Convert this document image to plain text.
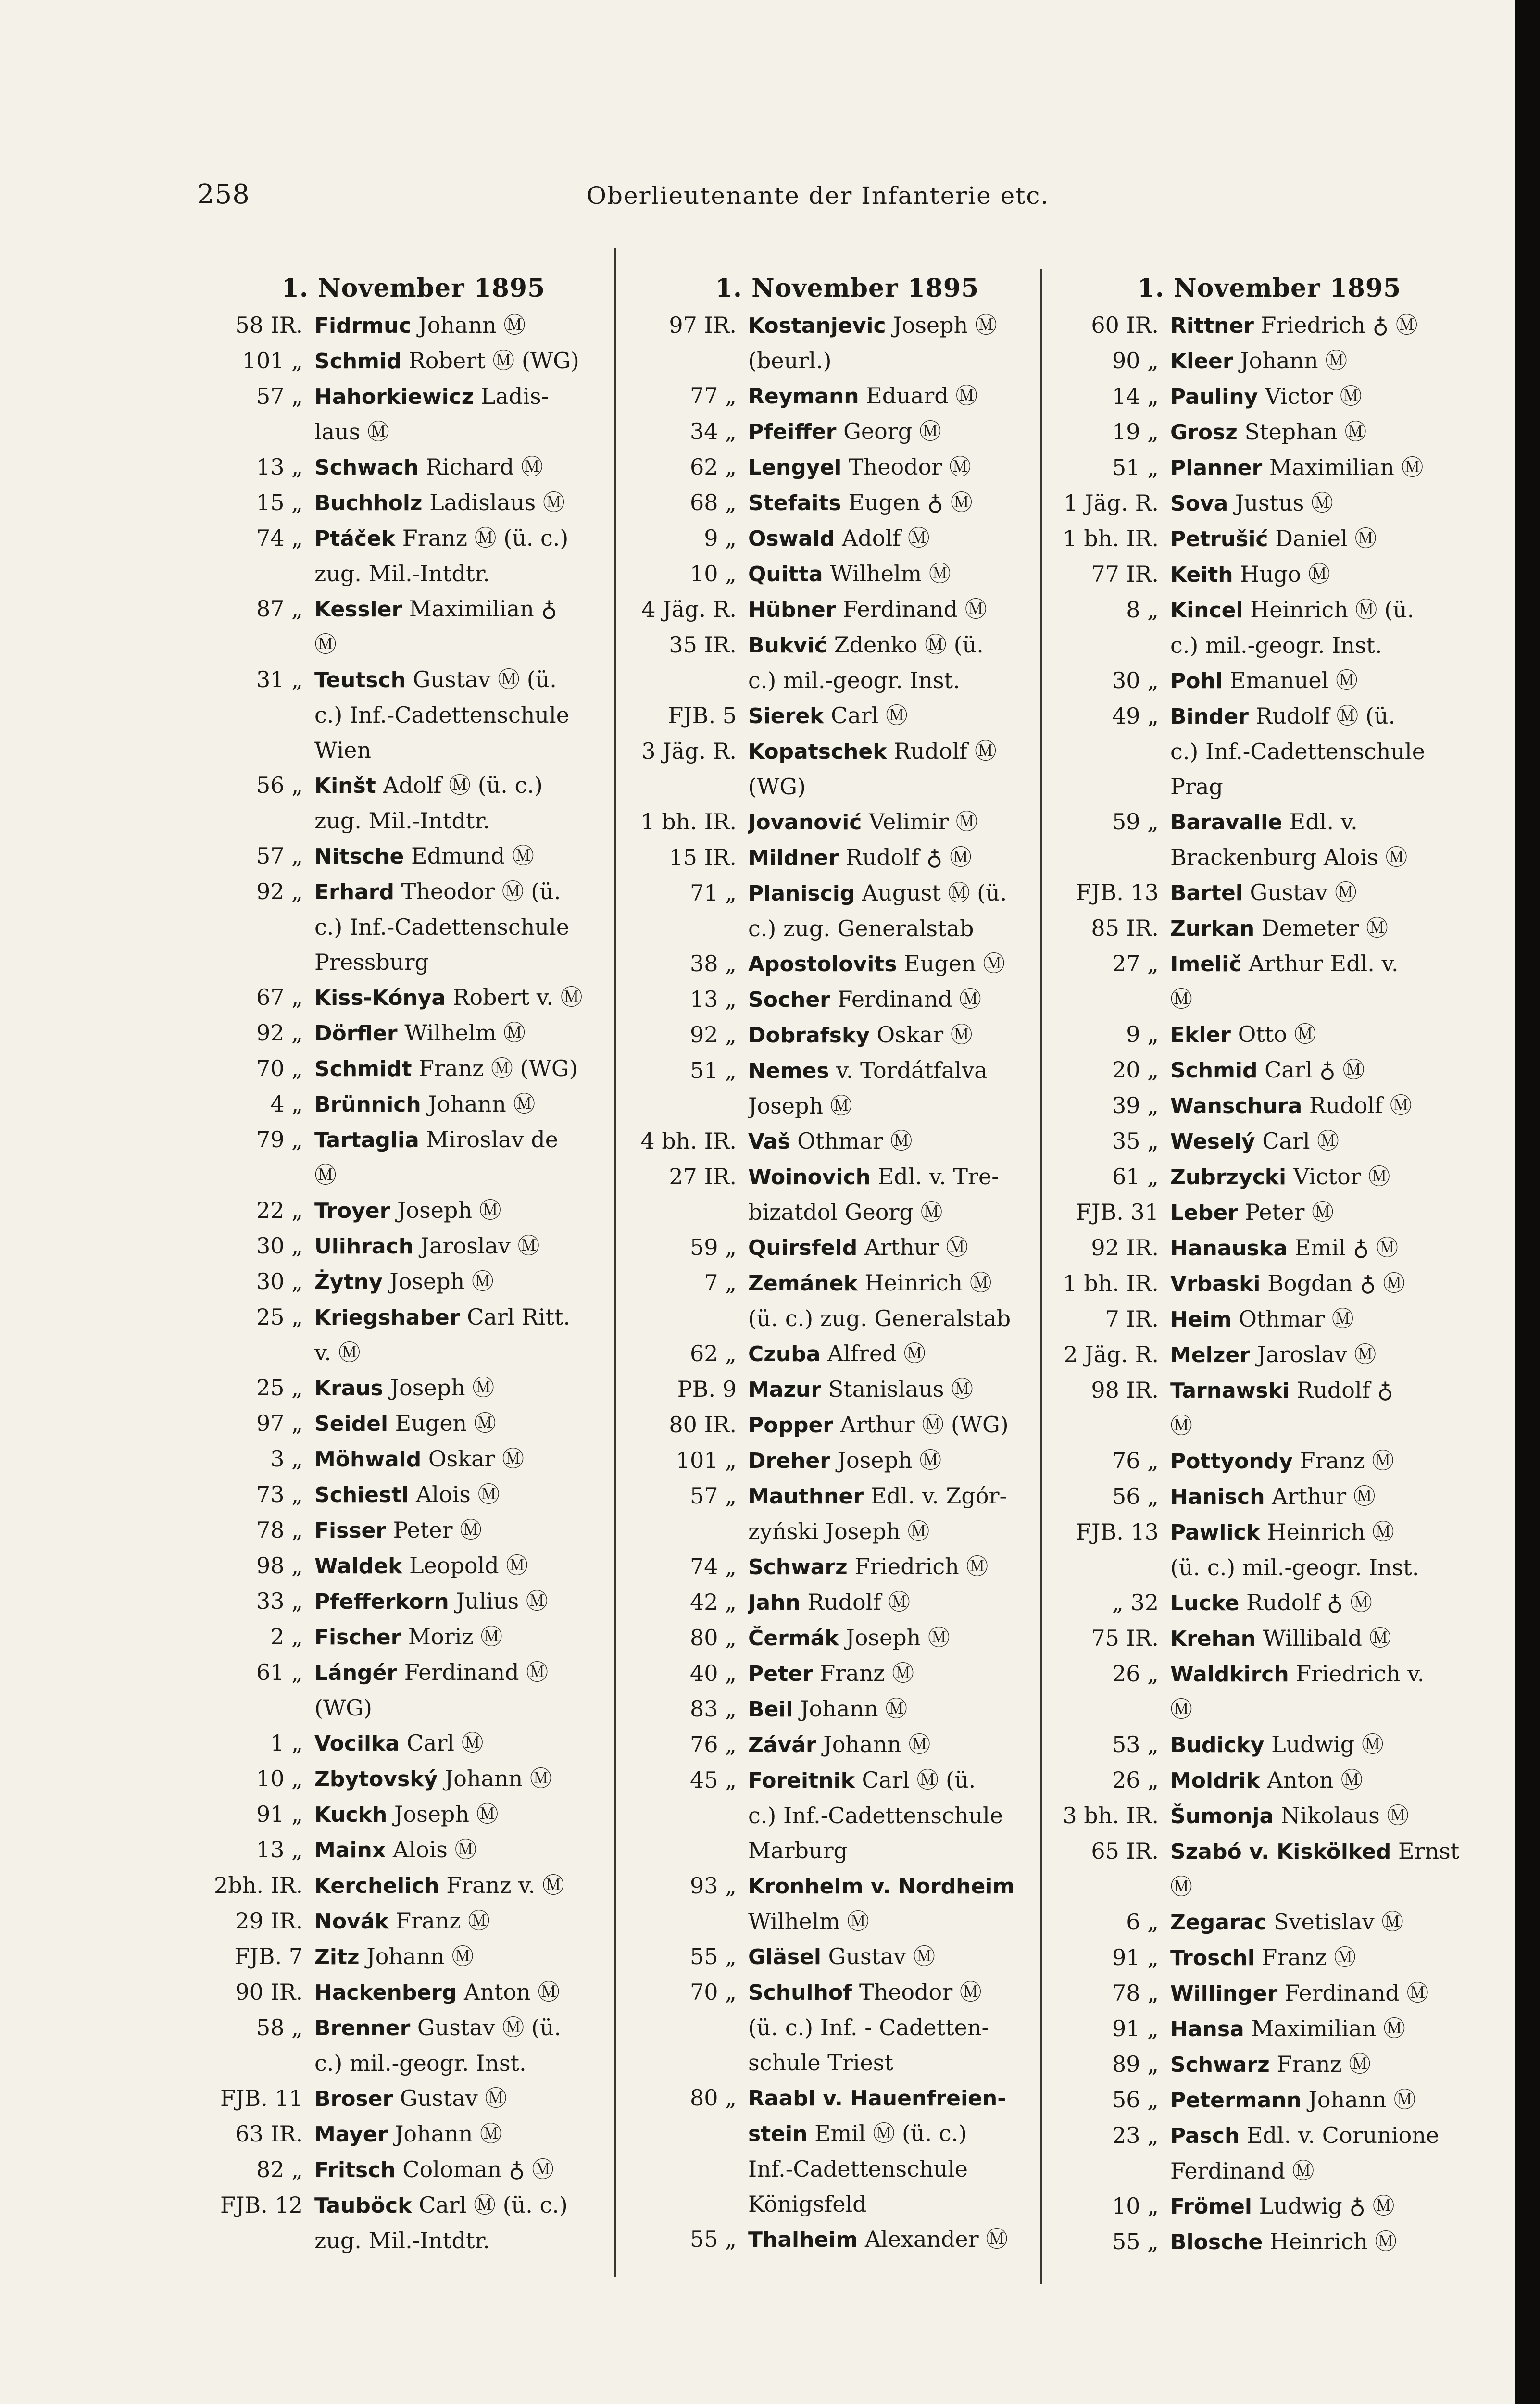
258	Oberlieutenante der Infanterie etc.
1. November 1895
58 IR. Fidrmuc Johann Ⓜ
101 „ Schmid Robert Ⓜ (WG)
57 „ Hahorkiewicz Ladis-
laus Ⓜ
13 „ Schwach Richard Ⓜ
15 „ Buchholz Ladislaus Ⓜ
74 „ Ptáček Franz Ⓜ (ü. c.)
zug. Mil.-Intdtr.
87 „ Kessler Maximilian ♁
Ⓜ
31 „ Teutsch Gustav Ⓜ (ü.
c.) Inf.-Cadettenschule
Wien
56 „ Kinšt Adolf Ⓜ (ü. c.)
zug. Mil.-Intdtr.
57 „ Nitsche Edmund Ⓜ
92 „ Erhard Theodor Ⓜ (ü.
c.) Inf.-Cadettenschule
Pressburg
67 „ Kiss-Kónya Robert v. Ⓜ
92 „ Dörfler Wilhelm Ⓜ
70 „ Schmidt Franz Ⓜ (WG)
4 „ Brünnich Johann Ⓜ
79 „ Tartaglia Miroslav de
Ⓜ
22 „ Troyer Joseph Ⓜ
30 „ Ulihrach Jaroslav Ⓜ
30 „ Żytny Joseph Ⓜ
25 „ Kriegshaber Carl Ritt.
v. Ⓜ
25 „ Kraus Joseph Ⓜ
97 „ Seidel Eugen Ⓜ
3 „ Möhwald Oskar Ⓜ
73 „ Schiestl Alois Ⓜ
78 „ Fisser Peter Ⓜ
98 „ Waldek Leopold Ⓜ
33 „ Pfefferkorn Julius Ⓜ
2 „ Fischer Moriz Ⓜ
61 „ Lángér Ferdinand Ⓜ
(WG)
1 „ Vocilka Carl Ⓜ
10 „ Zbytovský Johann Ⓜ
91 „ Kuckh Joseph Ⓜ
13 „ Mainx Alois Ⓜ
2bh. IR. Kerchelich Franz v. Ⓜ
29 IR. Novák Franz Ⓜ
FJB. 7 Zitz Johann Ⓜ
90 IR. Hackenberg Anton Ⓜ
58 „ Brenner Gustav Ⓜ (ü.
c.) mil.-geogr. Inst.
FJB. 11 Broser Gustav Ⓜ
63 IR. Mayer Johann Ⓜ
82 „ Fritsch Coloman ♁ Ⓜ
FJB. 12 Tauböck Carl Ⓜ (ü. c.)
zug. Mil.-Intdtr.
1. November 1895
97 IR. Kostanjevic Joseph Ⓜ
(beurl.)
77 „ Reymann Eduard Ⓜ
34 „ Pfeiffer Georg Ⓜ
62 „ Lengyel Theodor Ⓜ
68 „ Stefaits Eugen ♁ Ⓜ
9 „ Oswald Adolf Ⓜ
10 „ Quitta Wilhelm Ⓜ
4 Jäg. R. Hübner Ferdinand Ⓜ
35 IR. Bukvić Zdenko Ⓜ (ü.
c.) mil.-geogr. Inst.
FJB. 5 Sierek Carl Ⓜ
3 Jäg. R. Kopatschek Rudolf Ⓜ
(WG)
1 bh. IR. Jovanović Velimir Ⓜ
15 IR. Mildner Rudolf ♁ Ⓜ
71 „ Planiscig August Ⓜ (ü.
c.) zug. Generalstab
38 „ Apostolovits Eugen Ⓜ
13 „ Socher Ferdinand Ⓜ
92 „ Dobrafsky Oskar Ⓜ
51 „ Nemes v. Tordátfalva
Joseph Ⓜ
4 bh. IR. Vaš Othmar Ⓜ
27 IR. Woinovich Edl. v. Tre-
bizatdol Georg Ⓜ
59 „ Quirsfeld Arthur Ⓜ
7 „ Zemánek Heinrich Ⓜ
(ü. c.) zug. Generalstab
62 „ Czuba Alfred Ⓜ
PB. 9 Mazur Stanislaus Ⓜ
80 IR. Popper Arthur Ⓜ (WG)
101 „ Dreher Joseph Ⓜ
57 „ Mauthner Edl. v. Zgór-
zyński Joseph Ⓜ
74 „ Schwarz Friedrich Ⓜ
42 „ Jahn Rudolf Ⓜ
80 „ Čermák Joseph Ⓜ
40 „ Peter Franz Ⓜ
83 „ Beil Johann Ⓜ
76 „ Závár Johann Ⓜ
45 „ Foreitnik Carl Ⓜ (ü.
c.) Inf.-Cadettenschule
Marburg
93 „ Kronhelm v. Nordheim
Wilhelm Ⓜ
55 „ Gläsel Gustav Ⓜ
70 „ Schulhof Theodor Ⓜ
(ü. c.) Inf. - Cadetten-
schule Triest
80 „ Raabl v. Hauenfreien-
stein Emil Ⓜ (ü. c.)
Inf.-Cadettenschule
Königsfeld
55 „ Thalheim Alexander Ⓜ
1. November 1895
60 IR. Rittner Friedrich ♁ Ⓜ
90 „ Kleer Johann Ⓜ
14 „ Pauliny Victor Ⓜ
19 „ Grosz Stephan Ⓜ
51 „ Planner Maximilian Ⓜ
1 Jäg. R. Sova Justus Ⓜ
1 bh. IR. Petrušić Daniel Ⓜ
77 IR. Keith Hugo Ⓜ
8 „ Kincel Heinrich Ⓜ (ü.
c.) mil.-geogr. Inst.
30 „ Pohl Emanuel Ⓜ
49 „ Binder Rudolf Ⓜ (ü.
c.) Inf.-Cadettenschule
Prag
59 „ Baravalle Edl. v.
Brackenburg Alois Ⓜ
FJB. 13 Bartel Gustav Ⓜ
85 IR. Zurkan Demeter Ⓜ
27 „ Imelič Arthur Edl. v.
Ⓜ
9 „ Ekler Otto Ⓜ
20 „ Schmid Carl ♁ Ⓜ
39 „ Wanschura Rudolf Ⓜ
35 „ Weselý Carl Ⓜ
61 „ Zubrzycki Victor Ⓜ
FJB. 31 Leber Peter Ⓜ
92 IR. Hanauska Emil ♁ Ⓜ
1 bh. IR. Vrbaski Bogdan ♁ Ⓜ
7 IR. Heim Othmar Ⓜ
2 Jäg. R. Melzer Jaroslav Ⓜ
98 IR. Tarnawski Rudolf ♁
Ⓜ
76 „ Pottyondy Franz Ⓜ
56 „ Hanisch Arthur Ⓜ
FJB. 13 Pawlick Heinrich Ⓜ
(ü. c.) mil.-geogr. Inst.
„ 32 Lucke Rudolf ♁ Ⓜ
75 IR. Krehan Willibald Ⓜ
26 „ Waldkirch Friedrich v.
Ⓜ
53 „ Budicky Ludwig Ⓜ
26 „ Moldrik Anton Ⓜ
3 bh. IR. Šumonja Nikolaus Ⓜ
65 IR. Szabó v. Kiskölked Ernst
Ⓜ
6 „ Zegarac Svetislav Ⓜ
91 „ Troschl Franz Ⓜ
78 „ Willinger Ferdinand Ⓜ
91 „ Hansa Maximilian Ⓜ
89 „ Schwarz Franz Ⓜ
56 „ Petermann Johann Ⓜ
23 „ Pasch Edl. v. Corunione
Ferdinand Ⓜ
10 „ Frömel Ludwig ♁ Ⓜ
55 „ Blosche Heinrich Ⓜ
